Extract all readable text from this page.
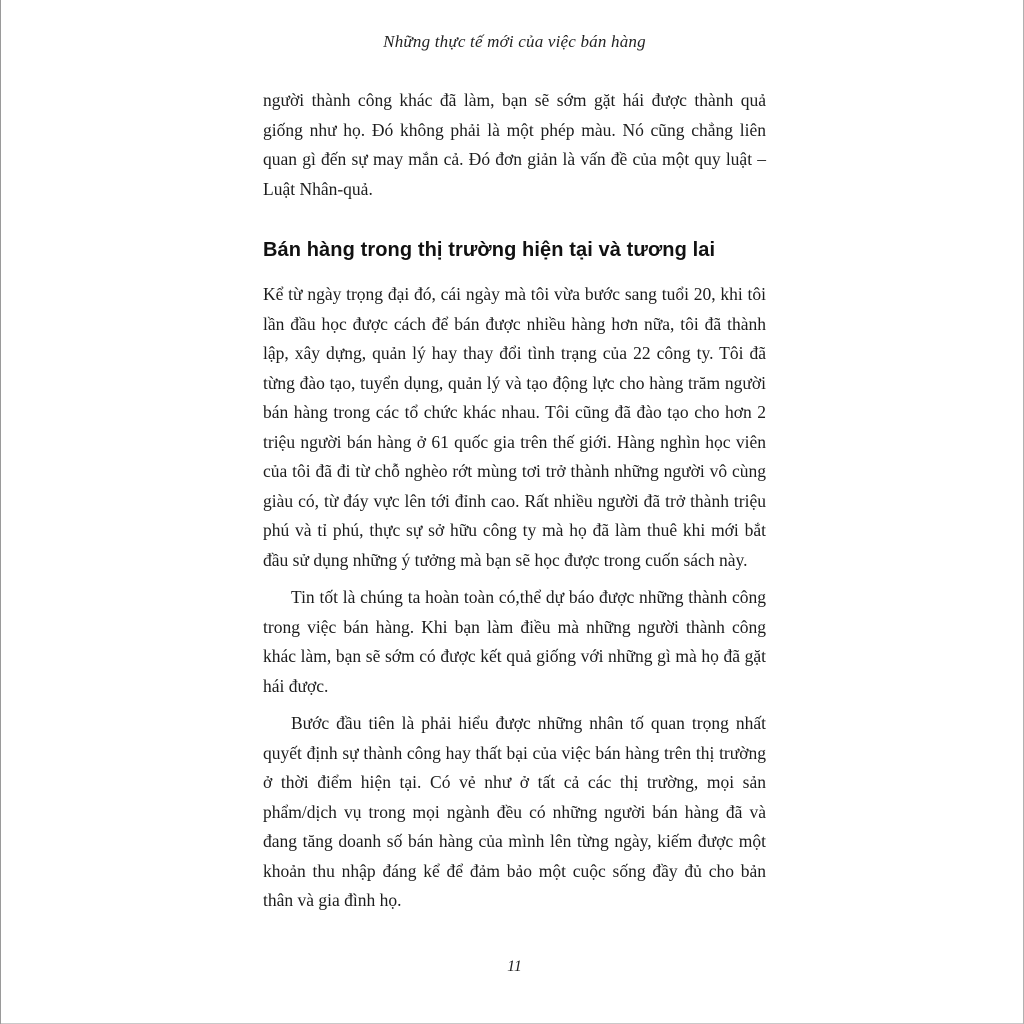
Những thực tế mới của việc bán hàng

người thành công khác đã làm, bạn sẽ sớm gặt hái được thành quả giống như họ. Đó không phải là một phép màu. Nó cũng chẳng liên quan gì đến sự may mắn cả. Đó đơn giản là vấn đề của một quy luật – Luật Nhân-quả.

Bán hàng trong thị trường hiện tại và tương lai

Kể từ ngày trọng đại đó, cái ngày mà tôi vừa bước sang tuổi 20, khi tôi lần đầu học được cách để bán được nhiều hàng hơn nữa, tôi đã thành lập, xây dựng, quản lý hay thay đổi tình trạng của 22 công ty. Tôi đã từng đào tạo, tuyển dụng, quản lý và tạo động lực cho hàng trăm người bán hàng trong các tổ chức khác nhau. Tôi cũng đã đào tạo cho hơn 2 triệu người bán hàng ở 61 quốc gia trên thế giới. Hàng nghìn học viên của tôi đã đi từ chỗ nghèo rớt mùng tơi trở thành những người vô cùng giàu có, từ đáy vực lên tới đỉnh cao. Rất nhiều người đã trở thành triệu phú và tỉ phú, thực sự sở hữu công ty mà họ đã làm thuê khi mới bắt đầu sử dụng những ý tưởng mà bạn sẽ học được trong cuốn sách này.

Tin tốt là chúng ta hoàn toàn có,thể dự báo được những thành công trong việc bán hàng. Khi bạn làm điều mà những người thành công khác làm, bạn sẽ sớm có được kết quả giống với những gì mà họ đã gặt hái được.

Bước đầu tiên là phải hiểu được những nhân tố quan trọng nhất quyết định sự thành công hay thất bại của việc bán hàng trên thị trường ở thời điểm hiện tại. Có vẻ như ở tất cả các thị trường, mọi sản phẩm/dịch vụ trong mọi ngành đều có những người bán hàng đã và đang tăng doanh số bán hàng của mình lên từng ngày, kiếm được một khoản thu nhập đáng kể để đảm bảo một cuộc sống đầy đủ cho bản thân và gia đình họ.

11
